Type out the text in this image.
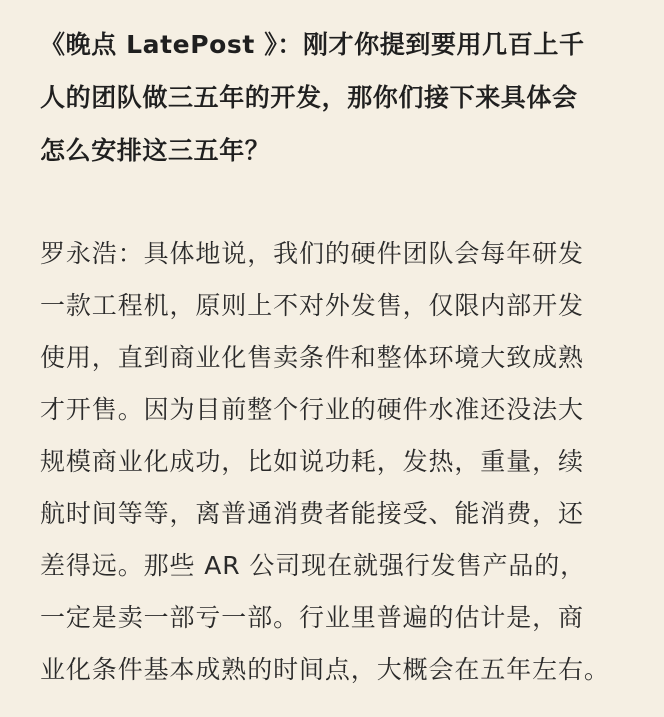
《晚点 LatePost 》：刚才你提到要用几百上千
人的团队做三五年的开发，那你们接下来具体会
怎么安排这三五年？

罗永浩：具体地说，我们的硬件团队会每年研发
一款工程机，原则上不对外发售，仅限内部开发
使用，直到商业化售卖条件和整体环境大致成熟
才开售。因为目前整个行业的硬件水准还没法大
规模商业化成功，比如说功耗，发热，重量，续
航时间等等，离普通消费者能接受、能消费，还
差得远。那些 AR 公司现在就强行发售产品的，
一定是卖一部亏一部。行业里普遍的估计是，商
业化条件基本成熟的时间点，大概会在五年左右。
